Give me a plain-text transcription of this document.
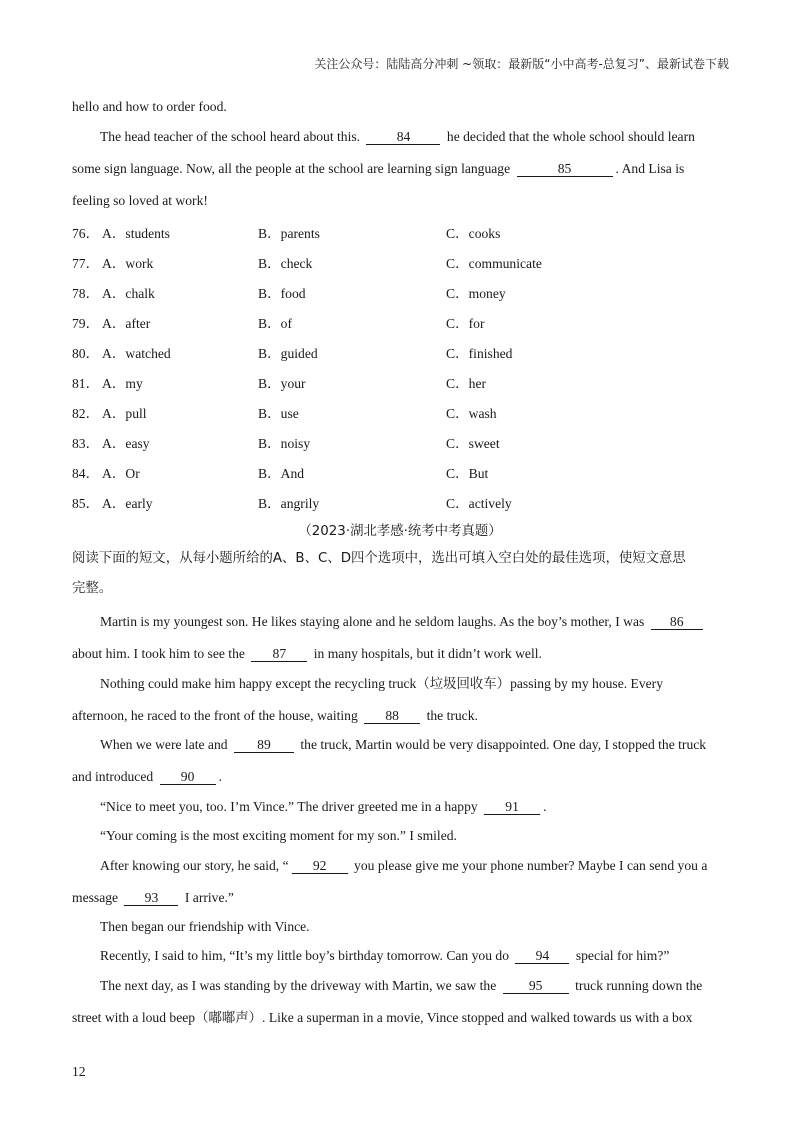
关注公众号：陆陆高分冲刺 ~领取：最新版“小中高考-总复习”、最新试卷下载
hello and how to order food.
The head teacher of the school heard about this.	84	he decided that the whole school should learn
some sign language. Now, all the people at the school are learning sign language	85	. And Lisa is
feeling so loved at work!
76． A．students	B．parents	C．cooks
77． A．work	B．check	C．communicate
78． A．chalk	B．food	C．money
79． A．after	B．of	C．for
80． A．watched	B．guided	C．finished
81． A．my	B．your	C．her
82． A．pull	B．use	C．wash
83． A．easy	B．noisy	C．sweet
84． A．Or	B．And	C．But
85． A．early	B．angrily	C．actively
（2023·湖北孝感·统考中考真题）
阅读下面的短文，从每小题所给的A、B、C、D四个选项中，选出可填入空白处的最佳选项，使短文意思
完整。
Martin is my youngest son. He likes staying alone and he seldom laughs. As the boy’s mother, I was 86
about him. I took him to see the 87 in many hospitals, but it didn’t work well.
Nothing could make him happy except the recycling truck（垃圾回收车）passing by my house. Every
afternoon, he raced to the front of the house, waiting 88 the truck.
When we were late and 89 the truck, Martin would be very disappointed. One day, I stopped the truck
and introduced 90 .
“Nice to meet you, too. I’m Vince.” The driver greeted me in a happy 91 .
“Your coming is the most exciting moment for my son.” I smiled.
After knowing our story, he said, “ 92 you please give me your phone number? Maybe I can send you a
message 93 I arrive.”
Then began our friendship with Vince.
Recently, I said to him, “It’s my little boy’s birthday tomorrow. Can you do 94 special for him?”
The next day, as I was standing by the driveway with Martin, we saw the 95 truck running down the
street with a loud beep（嘟嘟声）. Like a superman in a movie, Vince stopped and walked towards us with a box
12
